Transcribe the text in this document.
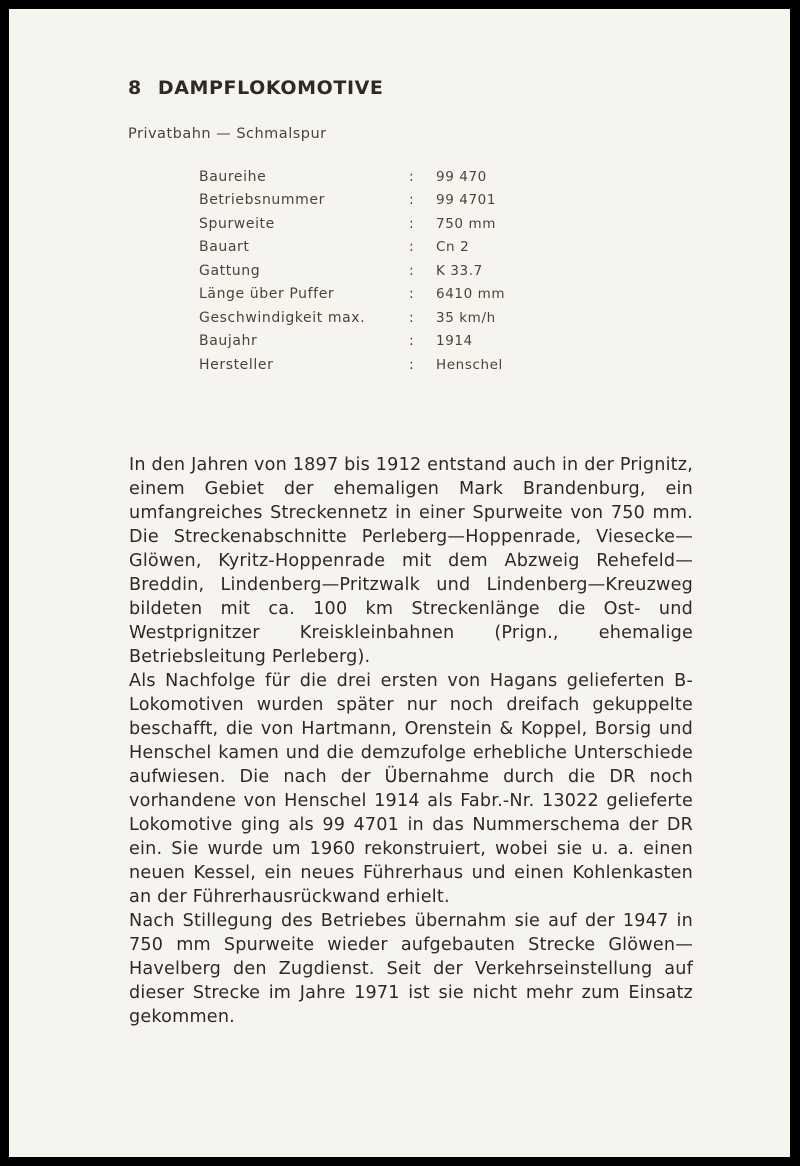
8 DAMPFLOKOMOTIVE
Privatbahn — Schmalspur
Baureihe	:	99 470
Betriebsnummer	:	99 4701
Spurweite	:	750 mm
Bauart	:	Cn 2
Gattung	:	K 33.7
Länge über Puffer	:	6410 mm
Geschwindigkeit max.	:	35 km/h
Baujahr	:	1914
Hersteller	:	Henschel
In den Jahren von 1897 bis 1912 entstand auch in der Prignitz, einem Gebiet der ehemaligen Mark Brandenburg, ein umfangreiches Streckennetz in einer Spurweite von 750 mm. Die Streckenabschnitte Perleberg—Hoppenrade, Viesecke—Glöwen, Kyritz-Hoppenrade mit dem Abzweig Rehefeld—Breddin, Lindenberg—Pritzwalk und Lindenberg—Kreuzweg bildeten mit ca. 100 km Streckenlänge die Ost- und Westprignitzer Kreiskleinbahnen (Prign., ehemalige Betriebsleitung Perleberg).
Als Nachfolge für die drei ersten von Hagans gelieferten B-Lokomotiven wurden später nur noch dreifach gekuppelte beschafft, die von Hartmann, Orenstein & Koppel, Borsig und Henschel kamen und die demzufolge erhebliche Unterschiede aufwiesen. Die nach der Übernahme durch die DR noch vorhandene von Henschel 1914 als Fabr.-Nr. 13022 gelieferte Lokomotive ging als 99 4701 in das Nummerschema der DR ein. Sie wurde um 1960 rekonstruiert, wobei sie u. a. einen neuen Kessel, ein neues Führerhaus und einen Kohlenkasten an der Führerhausrückwand erhielt.
Nach Stillegung des Betriebes übernahm sie auf der 1947 in 750 mm Spurweite wieder aufgebauten Strecke Glöwen—Havelberg den Zugdienst. Seit der Verkehrseinstellung auf dieser Strecke im Jahre 1971 ist sie nicht mehr zum Einsatz gekommen.
